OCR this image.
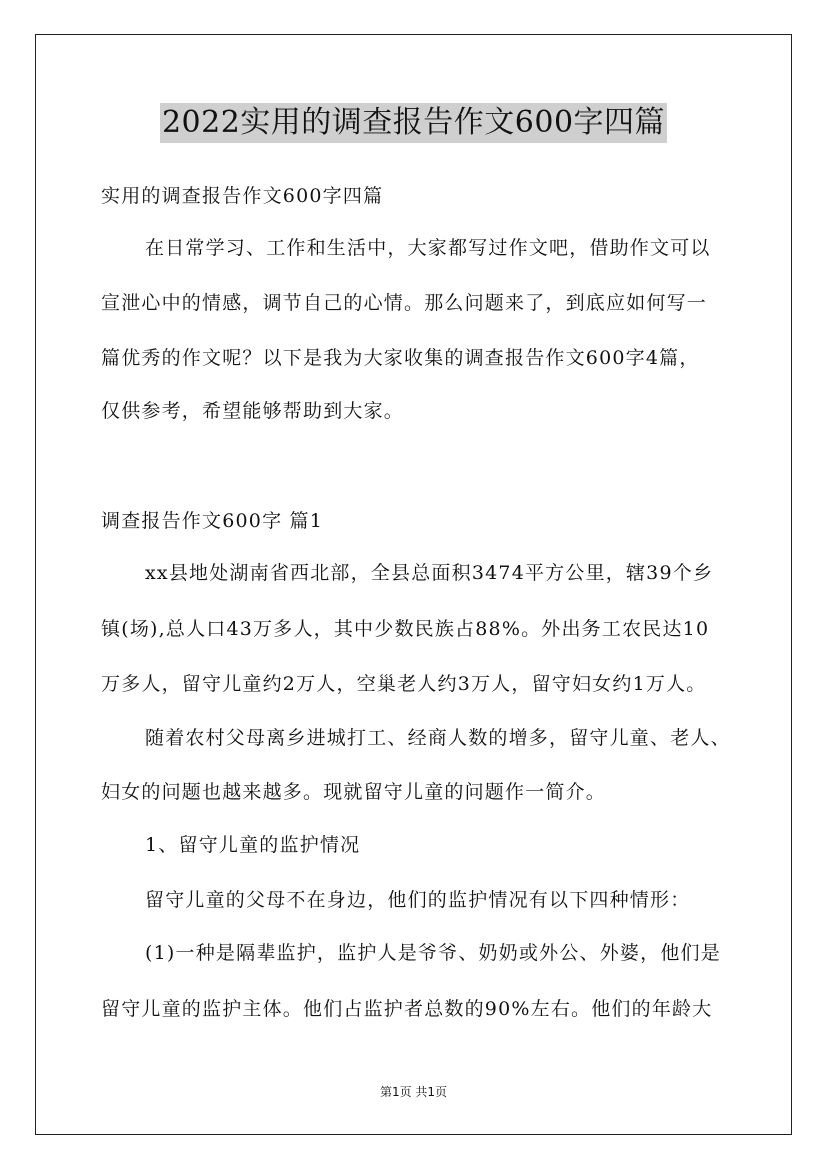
2022实用的调查报告作文600字四篇
实用的调查报告作文600字四篇
在日常学习、工作和生活中，大家都写过作文吧，借助作文可以
宣泄心中的情感，调节自己的心情。那么问题来了，到底应如何写一
篇优秀的作文呢？以下是我为大家收集的调查报告作文600字4篇，
仅供参考，希望能够帮助到大家。
调查报告作文600字 篇1
xx县地处湖南省西北部，全县总面积3474平方公里，辖39个乡
镇(场),总人口43万多人，其中少数民族占88%。外出务工农民达10
万多人，留守儿童约2万人，空巢老人约3万人，留守妇女约1万人。
随着农村父母离乡进城打工、经商人数的增多，留守儿童、老人、
妇女的问题也越来越多。现就留守儿童的问题作一简介。
1、留守儿童的监护情况
留守儿童的父母不在身边，他们的监护情况有以下四种情形：
(1)一种是隔辈监护，监护人是爷爷、奶奶或外公、外婆，他们是
留守儿童的监护主体。他们占监护者总数的90%左右。他们的年龄大
第1页 共1页
